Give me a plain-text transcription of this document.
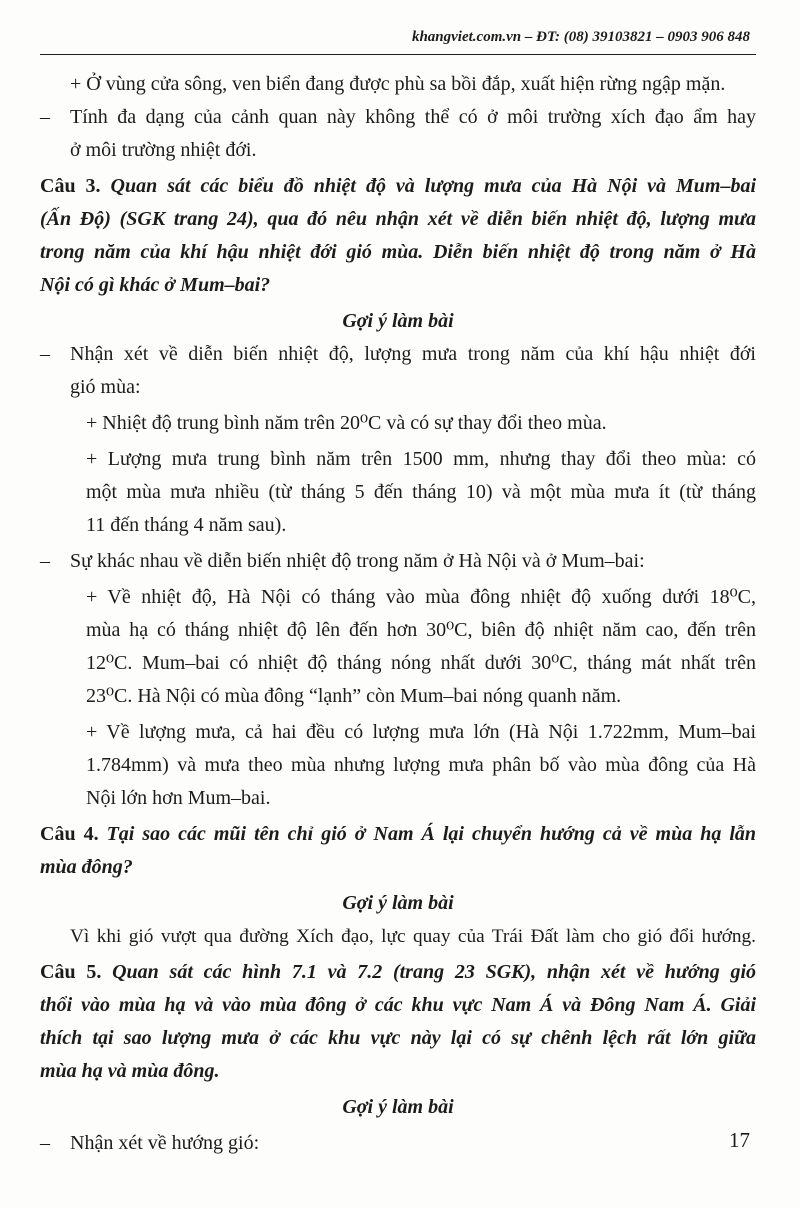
khangviet.com.vn – ĐT: (08) 39103821 – 0903 906 848
+ Ở vùng cửa sông, ven biển đang được phù sa bồi đắp, xuất hiện rừng ngập mặn.
– Tính đa dạng của cảnh quan này không thể có ở môi trường xích đạo ẩm hay
ở môi trường nhiệt đới.
Câu 3. Quan sát các biểu đồ nhiệt độ và lượng mưa của Hà Nội và Mum–bai
(Ấn Độ) (SGK trang 24), qua đó nêu nhận xét về diễn biến nhiệt độ, lượng mưa
trong năm của khí hậu nhiệt đới gió mùa. Diễn biến nhiệt độ trong năm ở Hà
Nội có gì khác ở Mum–bai?
Gợi ý làm bài
– Nhận xét về diễn biến nhiệt độ, lượng mưa trong năm của khí hậu nhiệt đới
gió mùa:
+ Nhiệt độ trung bình năm trên 20⁰C và có sự thay đổi theo mùa.
+ Lượng mưa trung bình năm trên 1500 mm, nhưng thay đổi theo mùa: có
một mùa mưa nhiều (từ tháng 5 đến tháng 10) và một mùa mưa ít (từ tháng
11 đến tháng 4 năm sau).
– Sự khác nhau về diễn biến nhiệt độ trong năm ở Hà Nội và ở Mum–bai:
+ Về nhiệt độ, Hà Nội có tháng vào mùa đông nhiệt độ xuống dưới 18⁰C,
mùa hạ có tháng nhiệt độ lên đến hơn 30⁰C, biên độ nhiệt năm cao, đến trên
12⁰C. Mum–bai có nhiệt độ tháng nóng nhất dưới 30⁰C, tháng mát nhất trên
23⁰C. Hà Nội có mùa đông “lạnh” còn Mum–bai nóng quanh năm.
+ Về lượng mưa, cả hai đều có lượng mưa lớn (Hà Nội 1.722mm, Mum–bai
1.784mm) và mưa theo mùa nhưng lượng mưa phân bố vào mùa đông của Hà
Nội lớn hơn Mum–bai.
Câu 4. Tại sao các mũi tên chỉ gió ở Nam Á lại chuyển hướng cả về mùa hạ lẫn
mùa đông?
Gợi ý làm bài
Vì khi gió vượt qua đường Xích đạo, lực quay của Trái Đất làm cho gió đổi hướng.
Câu 5. Quan sát các hình 7.1 và 7.2 (trang 23 SGK), nhận xét về hướng gió
thổi vào mùa hạ và vào mùa đông ở các khu vực Nam Á và Đông Nam Á. Giải
thích tại sao lượng mưa ở các khu vực này lại có sự chênh lệch rất lớn giữa
mùa hạ và mùa đông.
Gợi ý làm bài
– Nhận xét về hướng gió:	17
